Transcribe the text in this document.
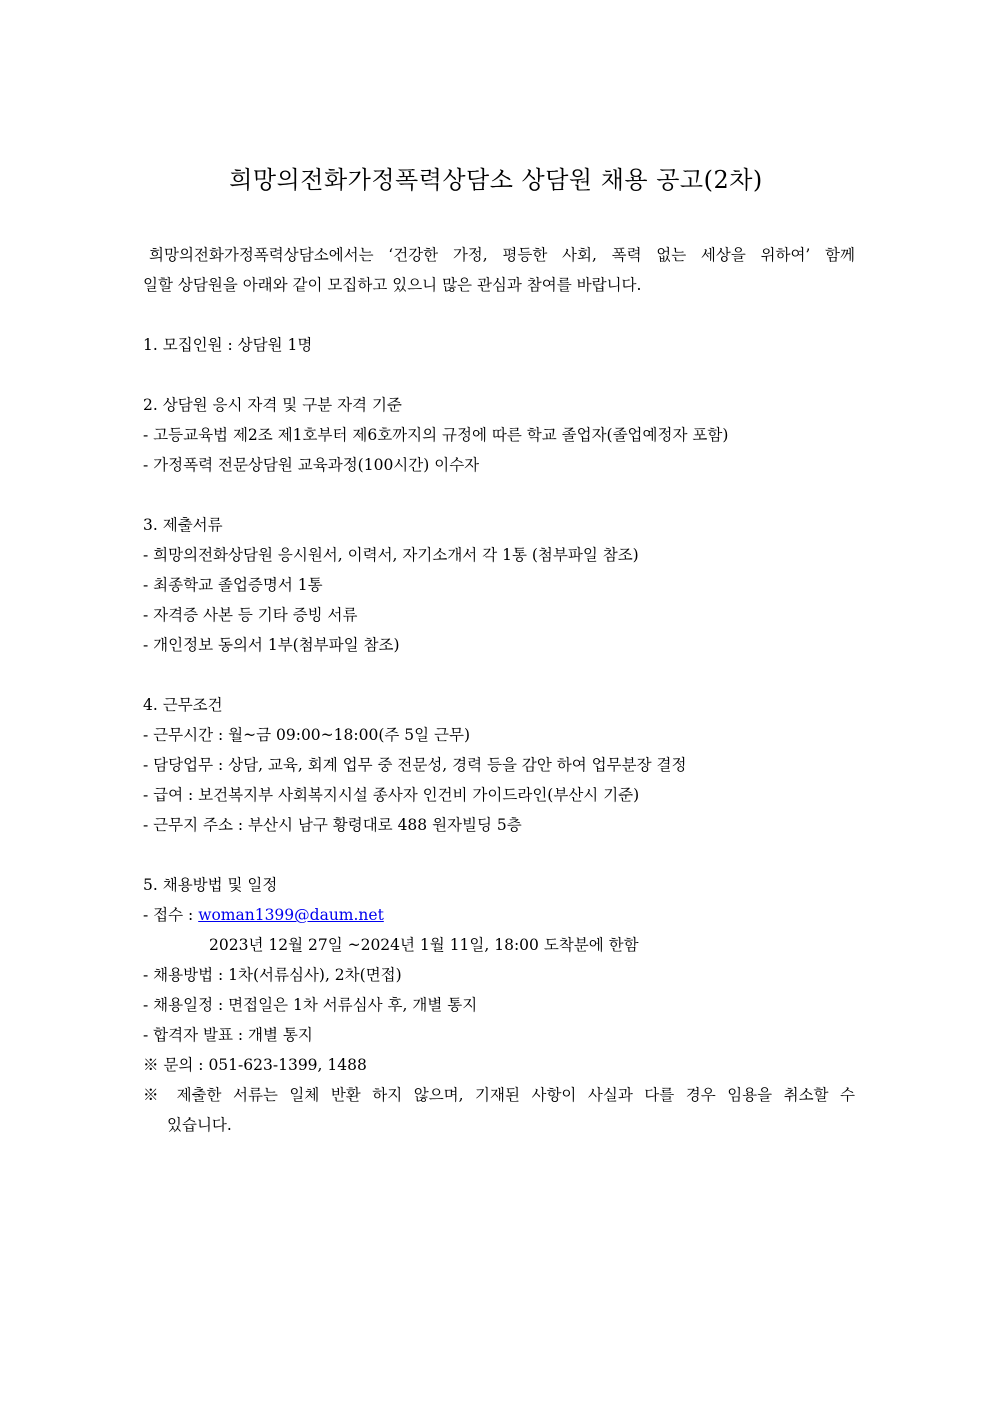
희망의전화가정폭력상담소 상담원 채용 공고(2차)
희망의전화가정폭력상담소에서는 ‘건강한 가정, 평등한 사회, 폭력 없는 세상을 위하여’ 함께
일할 상담원을 아래와 같이 모집하고 있으니 많은 관심과 참여를 바랍니다.
1. 모집인원 : 상담원 1명
2. 상담원 응시 자격 및 구분 자격 기준
- 고등교육법 제2조 제1호부터 제6호까지의 규정에 따른 학교 졸업자(졸업예정자 포함)
- 가정폭력 전문상담원 교육과정(100시간) 이수자
3. 제출서류
- 희망의전화상담원 응시원서, 이력서, 자기소개서 각 1통 (첨부파일 참조)
- 최종학교 졸업증명서 1통
- 자격증 사본 등 기타 증빙 서류
- 개인정보 동의서 1부(첨부파일 참조)
4. 근무조건
- 근무시간 : 월~금 09:00~18:00(주 5일 근무)
- 담당업무 : 상담, 교육, 회계 업무 중 전문성, 경력 등을 감안 하여 업무분장 결정
- 급여 : 보건복지부 사회복지시설 종사자 인건비 가이드라인(부산시 기준)
- 근무지 주소 : 부산시 남구 황령대로 488 원자빌딩 5층
5. 채용방법 및 일정
- 접수 : woman1399@daum.net
2023년 12월 27일 ~2024년 1월 11일, 18:00 도착분에 한함
- 채용방법 : 1차(서류심사), 2차(면접)
- 채용일정 : 면접일은 1차 서류심사 후, 개별 통지
- 합격자 발표 : 개별 통지
※ 문의 : 051-623-1399, 1488
※ 제출한 서류는 일체 반환 하지 않으며, 기재된 사항이 사실과 다를 경우 임용을 취소할 수
있습니다.
